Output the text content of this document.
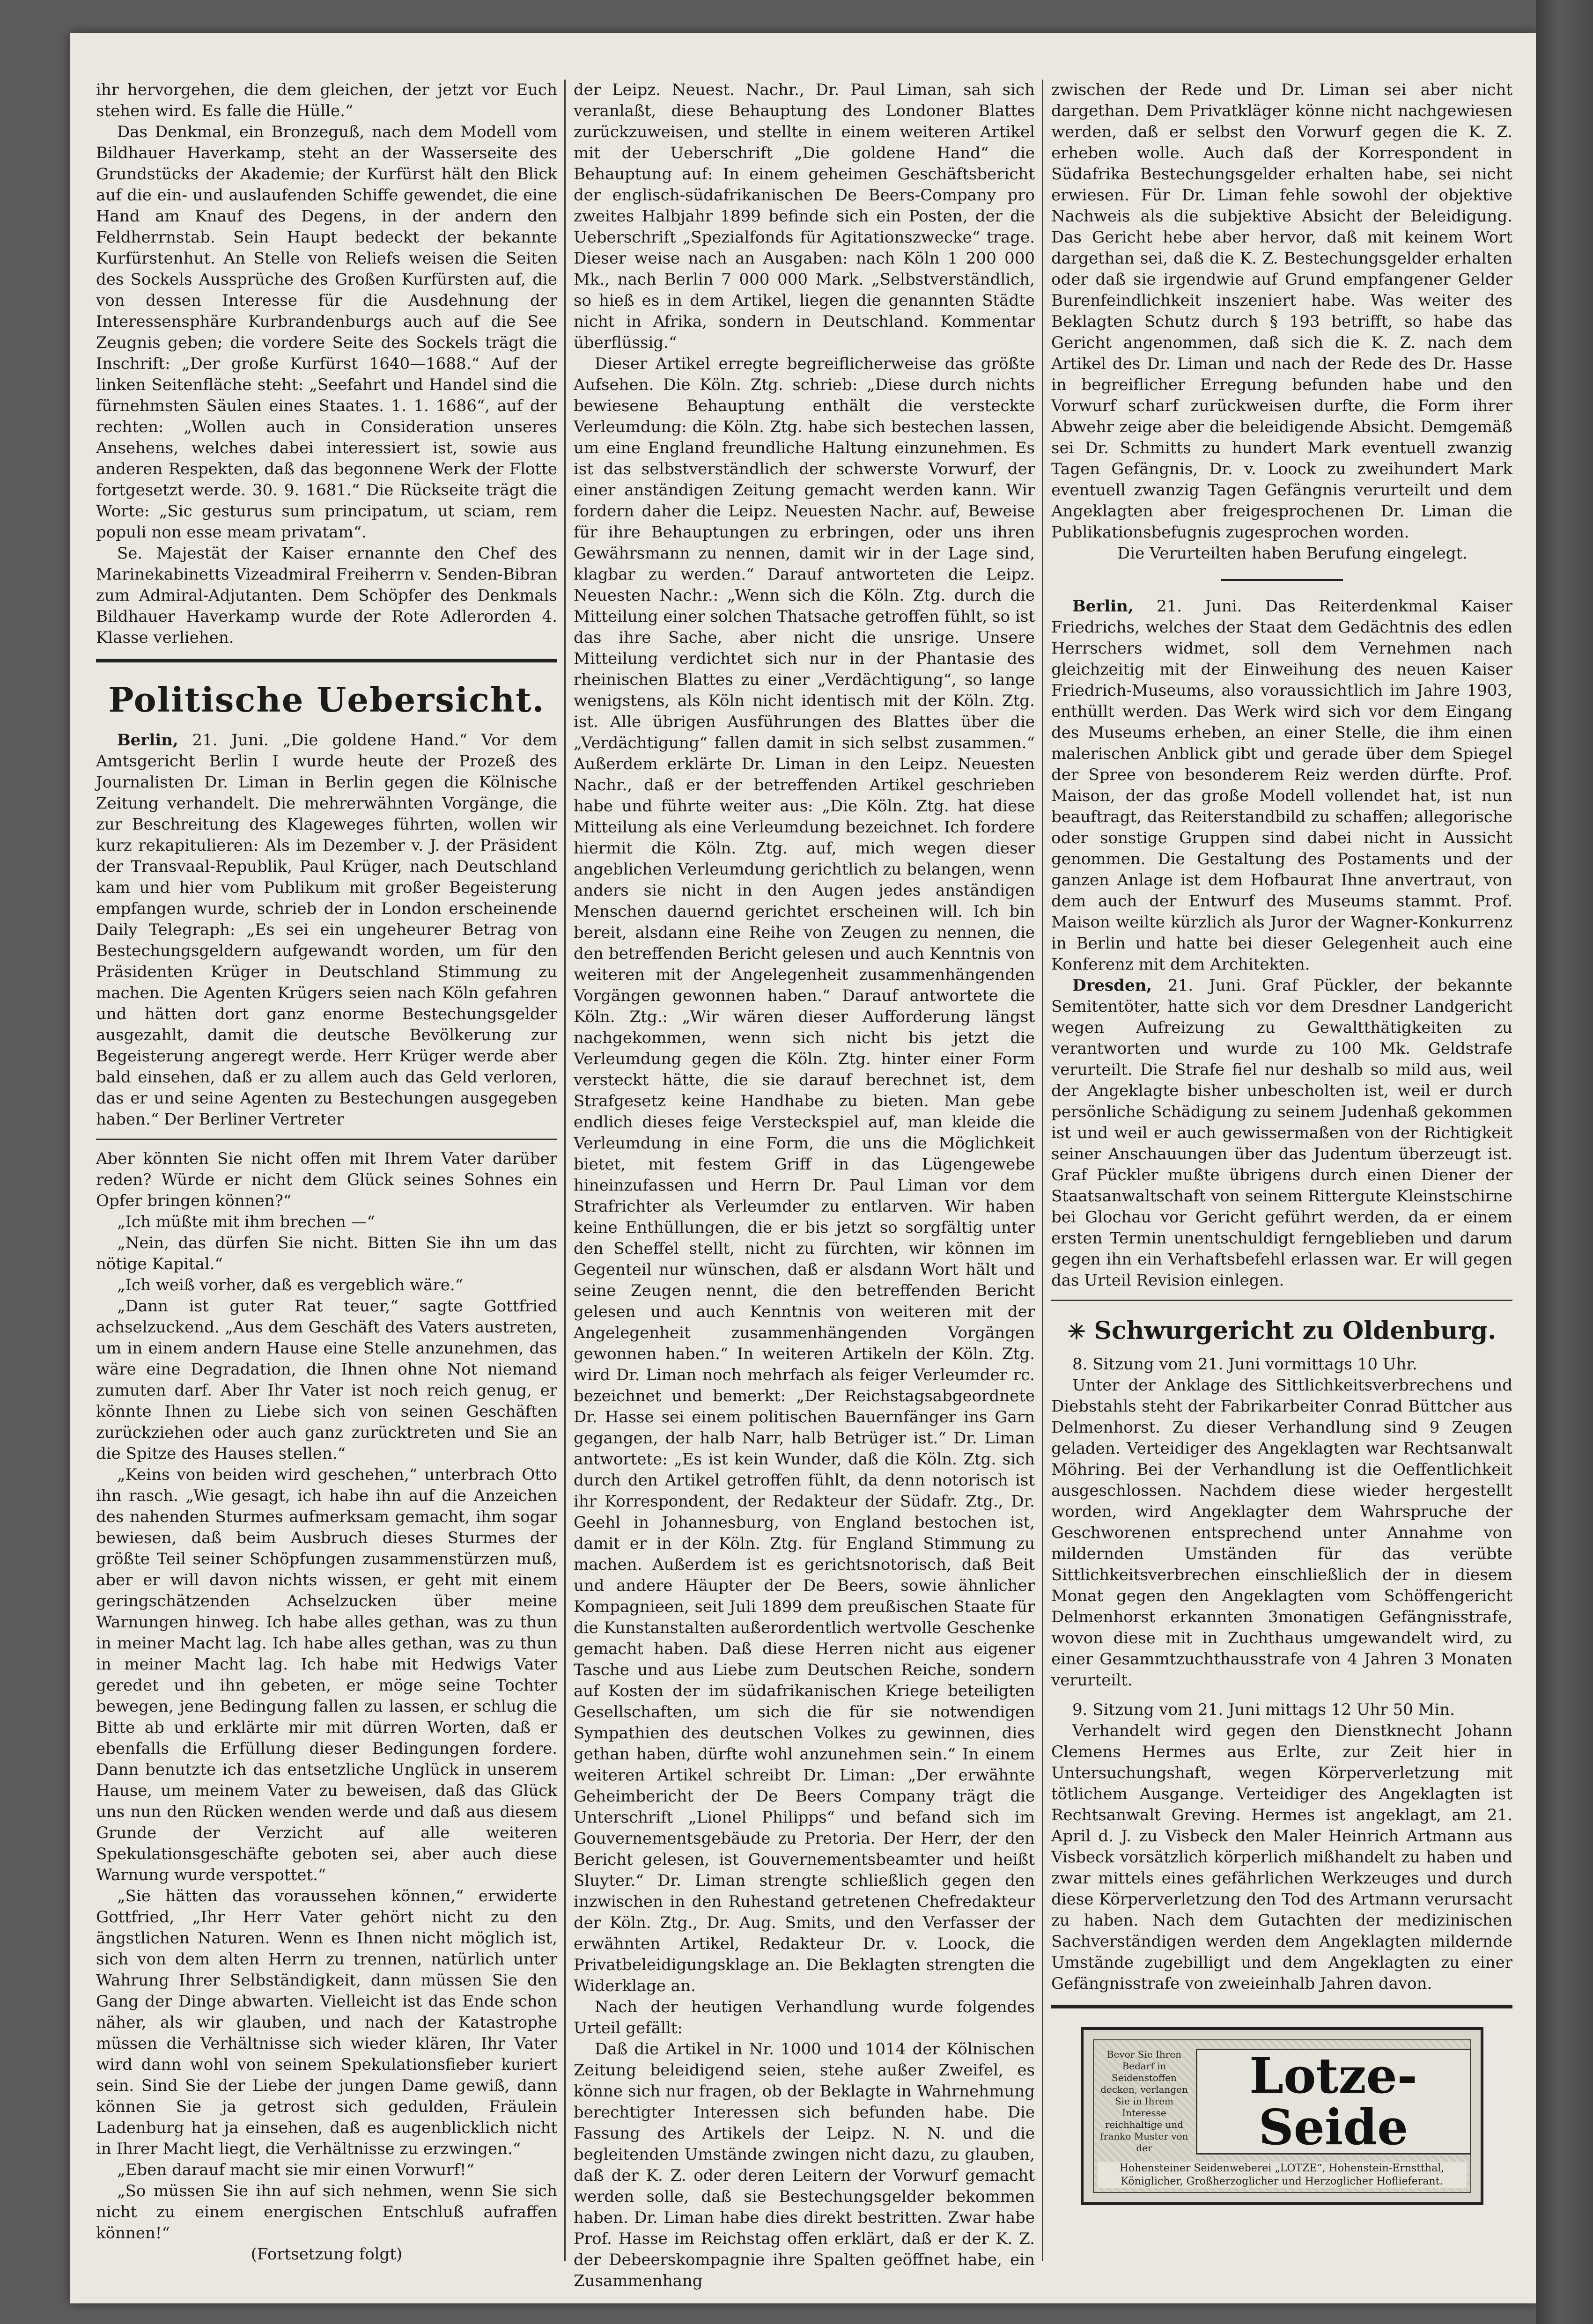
ihr hervorgehen, die dem gleichen, der jetzt vor Euch stehen wird. Es falle die Hülle.“

Das Denkmal, ein Bronzeguß, nach dem Modell vom Bildhauer Haverkamp, steht an der Wasserseite des Grundstücks der Akademie; der Kurfürst hält den Blick auf die ein- und auslaufenden Schiffe gewendet, die eine Hand am Knauf des Degens, in der andern den Feldherrnstab. Sein Haupt bedeckt der bekannte Kurfürstenhut. An Stelle von Reliefs weisen die Seiten des Sockels Aussprüche des Großen Kurfürsten auf, die von dessen Interesse für die Ausdehnung der Interessensphäre Kurbrandenburgs auch auf die See Zeugnis geben; die vordere Seite des Sockels trägt die Inschrift: „Der große Kurfürst 1640—1688.“ Auf der linken Seitenfläche steht: „Seefahrt und Handel sind die fürnehmsten Säulen eines Staates. 1. 1. 1686“, auf der rechten: „Wollen auch in Consideration unseres Ansehens, welches dabei interessiert ist, sowie aus anderen Respekten, daß das begonnene Werk der Flotte fortgesetzt werde. 30. 9. 1681.“ Die Rückseite trägt die Worte: „Sic gesturus sum principatum, ut sciam, rem populi non esse meam privatam“.

Se. Majestät der Kaiser ernannte den Chef des Marinekabinetts Vizeadmiral Freiherrn v. Senden-Bibran zum Admiral-Adjutanten. Dem Schöpfer des Denkmals Bildhauer Haverkamp wurde der Rote Adlerorden 4. Klasse verliehen.

Politische Uebersicht.

Berlin, 21. Juni. „Die goldene Hand.“ Vor dem Amtsgericht Berlin I wurde heute der Prozeß des Journalisten Dr. Liman in Berlin gegen die Kölnische Zeitung verhandelt. Die mehrerwähnten Vorgänge, die zur Beschreitung des Klageweges führten, wollen wir kurz rekapitulieren: Als im Dezember v. J. der Präsident der Transvaal-Republik, Paul Krüger, nach Deutschland kam und hier vom Publikum mit großer Begeisterung empfangen wurde, schrieb der in London erscheinende Daily Telegraph: „Es sei ein ungeheurer Betrag von Bestechungsgeldern aufgewandt worden, um für den Präsidenten Krüger in Deutschland Stimmung zu machen. Die Agenten Krügers seien nach Köln gefahren und hätten dort ganz enorme Bestechungsgelder ausgezahlt, damit die deutsche Bevölkerung zur Begeisterung angeregt werde. Herr Krüger werde aber bald einsehen, daß er zu allem auch das Geld verloren, das er und seine Agenten zu Bestechungen ausgegeben haben.“ Der Berliner Vertreter

Aber könnten Sie nicht offen mit Ihrem Vater darüber reden? Würde er nicht dem Glück seines Sohnes ein Opfer bringen können?“

„Ich müßte mit ihm brechen —“

„Nein, das dürfen Sie nicht. Bitten Sie ihn um das nötige Kapital.“

„Ich weiß vorher, daß es vergeblich wäre.“

„Dann ist guter Rat teuer,“ sagte Gottfried achselzuckend. „Aus dem Geschäft des Vaters austreten, um in einem andern Hause eine Stelle anzunehmen, das wäre eine Degradation, die Ihnen ohne Not niemand zumuten darf. Aber Ihr Vater ist noch reich genug, er könnte Ihnen zu Liebe sich von seinen Geschäften zurückziehen oder auch ganz zurücktreten und Sie an die Spitze des Hauses stellen.“

„Keins von beiden wird geschehen,“ unterbrach Otto ihn rasch. „Wie gesagt, ich habe ihn auf die Anzeichen des nahenden Sturmes aufmerksam gemacht, ihm sogar bewiesen, daß beim Ausbruch dieses Sturmes der größte Teil seiner Schöpfungen zusammenstürzen muß, aber er will davon nichts wissen, er geht mit einem geringschätzenden Achselzucken über meine Warnungen hinweg. Ich habe alles gethan, was zu thun in meiner Macht lag. Ich habe alles gethan, was zu thun in meiner Macht lag. Ich habe mit Hedwigs Vater geredet und ihn gebeten, er möge seine Tochter bewegen, jene Bedingung fallen zu lassen, er schlug die Bitte ab und erklärte mir mit dürren Worten, daß er ebenfalls die Erfüllung dieser Bedingungen fordere. Dann benutzte ich das entsetzliche Unglück in unserem Hause, um meinem Vater zu beweisen, daß das Glück uns nun den Rücken wenden werde und daß aus diesem Grunde der Verzicht auf alle weiteren Spekulationsgeschäfte geboten sei, aber auch diese Warnung wurde verspottet.“

„Sie hätten das voraussehen können,“ erwiderte Gottfried, „Ihr Herr Vater gehört nicht zu den ängstlichen Naturen. Wenn es Ihnen nicht möglich ist, sich von dem alten Herrn zu trennen, natürlich unter Wahrung Ihrer Selbständigkeit, dann müssen Sie den Gang der Dinge abwarten. Vielleicht ist das Ende schon näher, als wir glauben, und nach der Katastrophe müssen die Verhältnisse sich wieder klären, Ihr Vater wird dann wohl von seinem Spekulationsfieber kuriert sein. Sind Sie der Liebe der jungen Dame gewiß, dann können Sie ja getrost sich gedulden, Fräulein Ladenburg hat ja einsehen, daß es augenblicklich nicht in Ihrer Macht liegt, die Verhältnisse zu erzwingen.“

„Eben darauf macht sie mir einen Vorwurf!“

„So müssen Sie ihn auf sich nehmen, wenn Sie sich nicht zu einem energischen Entschluß aufraffen können!“

(Fortsetzung folgt)

der Leipz. Neuest. Nachr., Dr. Paul Liman, sah sich veranlaßt, diese Behauptung des Londoner Blattes zurückzuweisen, und stellte in einem weiteren Artikel mit der Ueberschrift „Die goldene Hand“ die Behauptung auf: In einem geheimen Geschäftsbericht der englisch-südafrikanischen De Beers-Company pro zweites Halbjahr 1899 befinde sich ein Posten, der die Ueberschrift „Spezialfonds für Agitationszwecke“ trage. Dieser weise nach an Ausgaben: nach Köln 1 200 000 Mk., nach Berlin 7 000 000 Mark. „Selbstverständlich, so hieß es in dem Artikel, liegen die genannten Städte nicht in Afrika, sondern in Deutschland. Kommentar überflüssig.“

Dieser Artikel erregte begreiflicherweise das größte Aufsehen. Die Köln. Ztg. schrieb: „Diese durch nichts bewiesene Behauptung enthält die versteckte Verleumdung: die Köln. Ztg. habe sich bestechen lassen, um eine England freundliche Haltung einzunehmen. Es ist das selbstverständlich der schwerste Vorwurf, der einer anständigen Zeitung gemacht werden kann. Wir fordern daher die Leipz. Neuesten Nachr. auf, Beweise für ihre Behauptungen zu erbringen, oder uns ihren Gewährsmann zu nennen, damit wir in der Lage sind, klagbar zu werden.“ Darauf antworteten die Leipz. Neuesten Nachr.: „Wenn sich die Köln. Ztg. durch die Mitteilung einer solchen Thatsache getroffen fühlt, so ist das ihre Sache, aber nicht die unsrige. Unsere Mitteilung verdichtet sich nur in der Phantasie des rheinischen Blattes zu einer „Verdächtigung“, so lange wenigstens, als Köln nicht identisch mit der Köln. Ztg. ist. Alle übrigen Ausführungen des Blattes über die „Verdächtigung“ fallen damit in sich selbst zusammen.“ Außerdem erklärte Dr. Liman in den Leipz. Neuesten Nachr., daß er der betreffenden Artikel geschrieben habe und führte weiter aus: „Die Köln. Ztg. hat diese Mitteilung als eine Verleumdung bezeichnet. Ich fordere hiermit die Köln. Ztg. auf, mich wegen dieser angeblichen Verleumdung gerichtlich zu belangen, wenn anders sie nicht in den Augen jedes anständigen Menschen dauernd gerichtet erscheinen will. Ich bin bereit, alsdann eine Reihe von Zeugen zu nennen, die den betreffenden Bericht gelesen und auch Kenntnis von weiteren mit der Angelegenheit zusammenhängenden Vorgängen gewonnen haben.“ Darauf antwortete die Köln. Ztg.: „Wir wären dieser Aufforderung längst nachgekommen, wenn sich nicht bis jetzt die Verleumdung gegen die Köln. Ztg. hinter einer Form versteckt hätte, die sie darauf berechnet ist, dem Strafgesetz keine Handhabe zu bieten. Man gebe endlich dieses feige Versteckspiel auf, man kleide die Verleumdung in eine Form, die uns die Möglichkeit bietet, mit festem Griff in das Lügengewebe hineinzufassen und Herrn Dr. Paul Liman vor dem Strafrichter als Verleumder zu entlarven. Wir haben keine Enthüllungen, die er bis jetzt so sorgfältig unter den Scheffel stellt, nicht zu fürchten, wir können im Gegenteil nur wünschen, daß er alsdann Wort hält und seine Zeugen nennt, die den betreffenden Bericht gelesen und auch Kenntnis von weiteren mit der Angelegenheit zusammenhängenden Vorgängen gewonnen haben.“ In weiteren Artikeln der Köln. Ztg. wird Dr. Liman noch mehrfach als feiger Verleumder rc. bezeichnet und bemerkt: „Der Reichstagsabgeordnete Dr. Hasse sei einem politischen Bauernfänger ins Garn gegangen, der halb Narr, halb Betrüger ist.“ Dr. Liman antwortete: „Es ist kein Wunder, daß die Köln. Ztg. sich durch den Artikel getroffen fühlt, da denn notorisch ist ihr Korrespondent, der Redakteur der Südafr. Ztg., Dr. Geehl in Johannesburg, von England bestochen ist, damit er in der Köln. Ztg. für England Stimmung zu machen. Außerdem ist es gerichtsnotorisch, daß Beit und andere Häupter der De Beers, sowie ähnlicher Kompagnieen, seit Juli 1899 dem preußischen Staate für die Kunstanstalten außerordentlich wertvolle Geschenke gemacht haben. Daß diese Herren nicht aus eigener Tasche und aus Liebe zum Deutschen Reiche, sondern auf Kosten der im südafrikanischen Kriege beteiligten Gesellschaften, um sich die für sie notwendigen Sympathien des deutschen Volkes zu gewinnen, dies gethan haben, dürfte wohl anzunehmen sein.“ In einem weiteren Artikel schreibt Dr. Liman: „Der erwähnte Geheimbericht der De Beers Company trägt die Unterschrift „Lionel Philipps“ und befand sich im Gouvernementsgebäude zu Pretoria. Der Herr, der den Bericht gelesen, ist Gouvernementsbeamter und heißt Sluyter.“ Dr. Liman strengte schließlich gegen den inzwischen in den Ruhestand getretenen Chefredakteur der Köln. Ztg., Dr. Aug. Smits, und den Verfasser der erwähnten Artikel, Redakteur Dr. v. Loock, die Privatbeleidigungsklage an. Die Beklagten strengten die Widerklage an.

Nach der heutigen Verhandlung wurde folgendes Urteil gefällt:

Daß die Artikel in Nr. 1000 und 1014 der Kölnischen Zeitung beleidigend seien, stehe außer Zweifel, es könne sich nur fragen, ob der Beklagte in Wahrnehmung berechtigter Interessen sich befunden habe. Die Fassung des Artikels der Leipz. N. N. und die begleitenden Umstände zwingen nicht dazu, zu glauben, daß der K. Z. oder deren Leitern der Vorwurf gemacht werden solle, daß sie Bestechungsgelder bekommen haben. Dr. Liman habe dies direkt bestritten. Zwar habe Prof. Hasse im Reichstag offen erklärt, daß er der K. Z. der Debeerskompagnie ihre Spalten geöffnet habe, ein Zusammenhang

zwischen der Rede und Dr. Liman sei aber nicht dargethan. Dem Privatkläger könne nicht nachgewiesen werden, daß er selbst den Vorwurf gegen die K. Z. erheben wolle. Auch daß der Korrespondent in Südafrika Bestechungsgelder erhalten habe, sei nicht erwiesen. Für Dr. Liman fehle sowohl der objektive Nachweis als die subjektive Absicht der Beleidigung. Das Gericht hebe aber hervor, daß mit keinem Wort dargethan sei, daß die K. Z. Bestechungsgelder erhalten oder daß sie irgendwie auf Grund empfangener Gelder Burenfeindlichkeit inszeniert habe. Was weiter des Beklagten Schutz durch § 193 betrifft, so habe das Gericht angenommen, daß sich die K. Z. nach dem Artikel des Dr. Liman und nach der Rede des Dr. Hasse in begreiflicher Erregung befunden habe und den Vorwurf scharf zurückweisen durfte, die Form ihrer Abwehr zeige aber die beleidigende Absicht. Demgemäß sei Dr. Schmitts zu hundert Mark eventuell zwanzig Tagen Gefängnis, Dr. v. Loock zu zweihundert Mark eventuell zwanzig Tagen Gefängnis verurteilt und dem Angeklagten aber freigesprochenen Dr. Liman die Publikationsbefugnis zugesprochen worden.

Die Verurteilten haben Berufung eingelegt.

Berlin, 21. Juni. Das Reiterdenkmal Kaiser Friedrichs, welches der Staat dem Gedächtnis des edlen Herrschers widmet, soll dem Vernehmen nach gleichzeitig mit der Einweihung des neuen Kaiser Friedrich-Museums, also voraussichtlich im Jahre 1903, enthüllt werden. Das Werk wird sich vor dem Eingang des Museums erheben, an einer Stelle, die ihm einen malerischen Anblick gibt und gerade über dem Spiegel der Spree von besonderem Reiz werden dürfte. Prof. Maison, der das große Modell vollendet hat, ist nun beauftragt, das Reiterstandbild zu schaffen; allegorische oder sonstige Gruppen sind dabei nicht in Aussicht genommen. Die Gestaltung des Postaments und der ganzen Anlage ist dem Hofbaurat Ihne anvertraut, von dem auch der Entwurf des Museums stammt. Prof. Maison weilte kürzlich als Juror der Wagner-Konkurrenz in Berlin und hatte bei dieser Gelegenheit auch eine Konferenz mit dem Architekten.

Dresden, 21. Juni. Graf Pückler, der bekannte Semitentöter, hatte sich vor dem Dresdner Landgericht wegen Aufreizung zu Gewaltthätigkeiten zu verantworten und wurde zu 100 Mk. Geldstrafe verurteilt. Die Strafe fiel nur deshalb so mild aus, weil der Angeklagte bisher unbescholten ist, weil er durch persönliche Schädigung zu seinem Judenhaß gekommen ist und weil er auch gewissermaßen von der Richtigkeit seiner Anschauungen über das Judentum überzeugt ist. Graf Pückler mußte übrigens durch einen Diener der Staatsanwaltschaft von seinem Rittergute Kleinstschirne bei Glochau vor Gericht geführt werden, da er einem ersten Termin unentschuldigt ferngeblieben und darum gegen ihn ein Verhaftsbefehl erlassen war. Er will gegen das Urteil Revision einlegen.

✳ Schwurgericht zu Oldenburg.

8. Sitzung vom 21. Juni vormittags 10 Uhr.

Unter der Anklage des Sittlichkeitsverbrechens und Diebstahls steht der Fabrikarbeiter Conrad Büttcher aus Delmenhorst. Zu dieser Verhandlung sind 9 Zeugen geladen. Verteidiger des Angeklagten war Rechtsanwalt Möhring. Bei der Verhandlung ist die Oeffentlichkeit ausgeschlossen. Nachdem diese wieder hergestellt worden, wird Angeklagter dem Wahrspruche der Geschworenen entsprechend unter Annahme von mildernden Umständen für das verübte Sittlichkeitsverbrechen einschließlich der in diesem Monat gegen den Angeklagten vom Schöffengericht Delmenhorst erkannten 3monatigen Gefängnisstrafe, wovon diese mit in Zuchthaus umgewandelt wird, zu einer Gesammtzuchthausstrafe von 4 Jahren 3 Monaten verurteilt.

9. Sitzung vom 21. Juni mittags 12 Uhr 50 Min.

Verhandelt wird gegen den Dienstknecht Johann Clemens Hermes aus Erlte, zur Zeit hier in Untersuchungshaft, wegen Körperverletzung mit tötlichem Ausgange. Verteidiger des Angeklagten ist Rechtsanwalt Greving. Hermes ist angeklagt, am 21. April d. J. zu Visbeck den Maler Heinrich Artmann aus Visbeck vorsätzlich körperlich mißhandelt zu haben und zwar mittels eines gefährlichen Werkzeuges und durch diese Körperverletzung den Tod des Artmann verursacht zu haben. Nach dem Gutachten der medizinischen Sachverständigen werden dem Angeklagten mildernde Umstände zugebilligt und dem Angeklagten zu einer Gefängnisstrafe von zweieinhalb Jahren davon.

Bevor Sie Ihren Bedarf in Seidenstoffen decken, verlangen Sie in Ihrem Interesse reichhaltige und franko Muster von der
Lotze-Seide
Hohensteiner Seidenweberei „LOTZE“, Hohenstein-Ernstthal, Königlicher, Großherzoglicher und Herzoglicher Hoflieferant.
